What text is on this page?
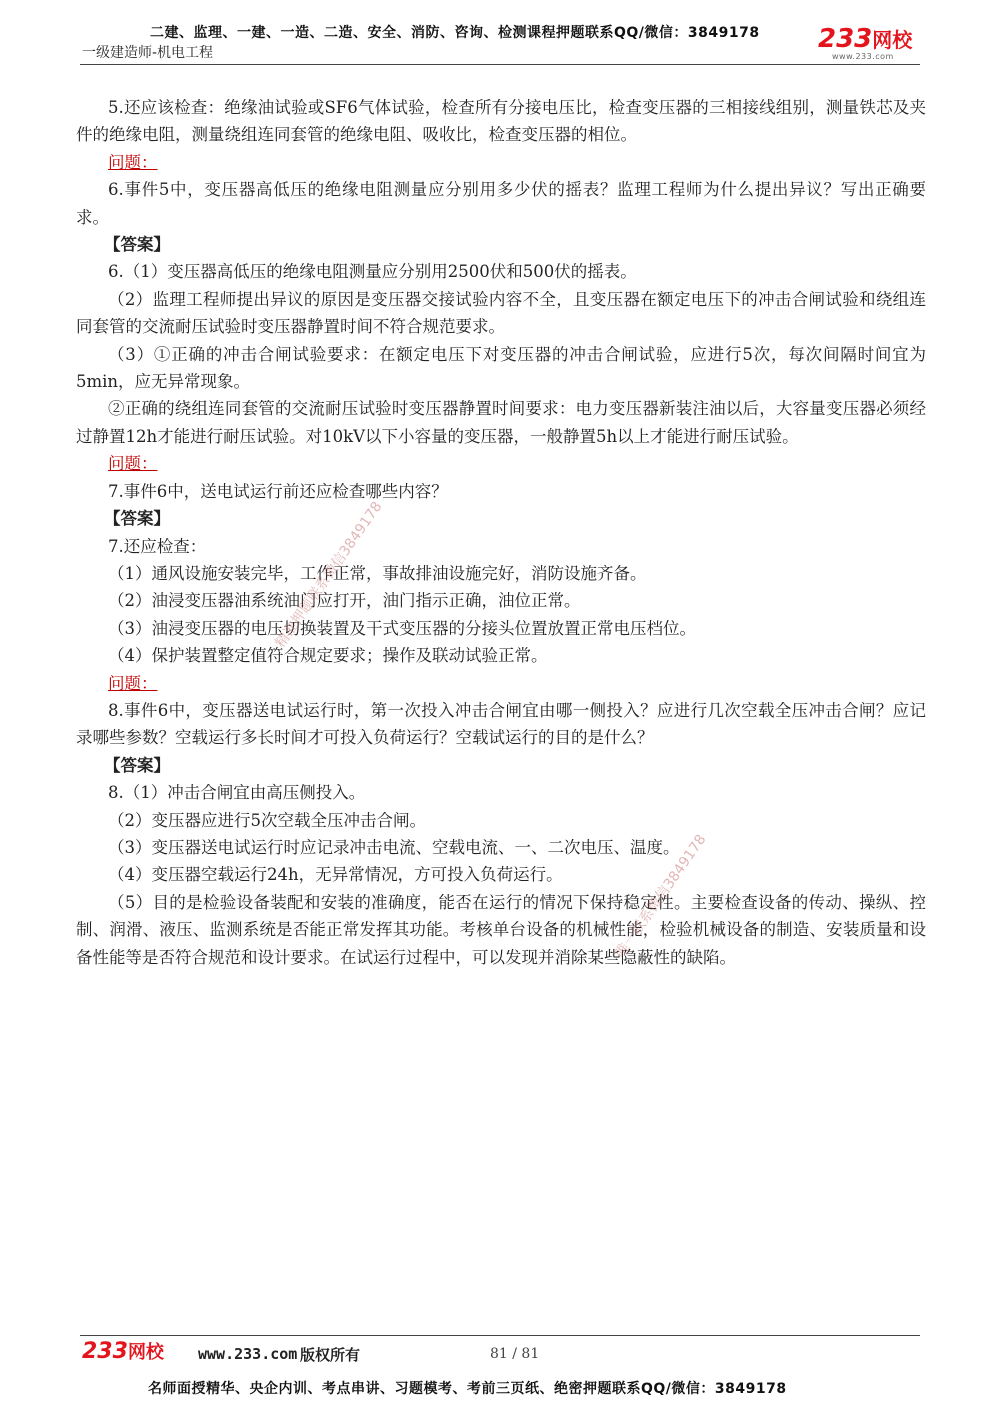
二建、监理、一建、一造、二造、安全、消防、咨询、检测课程押题联系QQ/微信：3849178
一级建造师-机电工程	233网校
www.233.com

5.还应该检查：绝缘油试验或SF6气体试验，检查所有分接电压比，检查变压器的三相接线组别，测量铁芯及夹件的绝缘电阻，测量绕组连同套管的绝缘电阻、吸收比，检查变压器的相位。

问题：

6.事件5中，变压器高低压的绝缘电阻测量应分别用多少伏的摇表？监理工程师为什么提出异议？写出正确要求。

【答案】

6.（1）变压器高低压的绝缘电阻测量应分别用2500伏和500伏的摇表。

（2）监理工程师提出异议的原因是变压器交接试验内容不全，且变压器在额定电压下的冲击合闸试验和绕组连同套管的交流耐压试验时变压器静置时间不符合规范要求。

（3）①正确的冲击合闸试验要求：在额定电压下对变压器的冲击合闸试验，应进行5次，每次间隔时间宜为5min，应无异常现象。

②正确的绕组连同套管的交流耐压试验时变压器静置时间要求：电力变压器新装注油以后，大容量变压器必须经过静置12h才能进行耐压试验。对10kV以下小容量的变压器，一般静置5h以上才能进行耐压试验。

问题：

7.事件6中，送电试运行前还应检查哪些内容？

【答案】

7.还应检查：

（1）通风设施安装完毕，工作正常，事故排油设施完好，消防设施齐备。

（2）油浸变压器油系统油门应打开，油门指示正确，油位正常。

（3）油浸变压器的电压切换装置及干式变压器的分接头位置放置正常电压档位。

（4）保护装置整定值符合规定要求；操作及联动试验正常。

问题：

8.事件6中，变压器送电试运行时，第一次投入冲击合闸宜由哪一侧投入？应进行几次空载全压冲击合闸？应记录哪些参数？空载运行多长时间才可投入负荷运行？空载试运行的目的是什么？

【答案】

8.（1）冲击合闸宜由高压侧投入。

（2）变压器应进行5次空载全压冲击合闸。

（3）变压器送电试运行时应记录冲击电流、空载电流、一、二次电压、温度。

（4）变压器空载运行24h，无异常情况，方可投入负荷运行。

（5）目的是检验设备装配和安装的准确度，能否在运行的情况下保持稳定性。主要检查设备的传动、操纵、控制、润滑、液压、监测系统是否能正常发挥其功能。考核单台设备的机械性能，检验机械设备的制造、安装质量和设备性能等是否符合规范和设计要求。在试运行过程中，可以发现并消除某些隐蔽性的缺陷。

精准押题联系微信3849178
唯一联系微信3849178
233网校 www.233.com 版权所有	81 / 81
名师面授精华、央企内训、考点串讲、习题模考、考前三页纸、绝密押题联系QQ/微信：3849178
